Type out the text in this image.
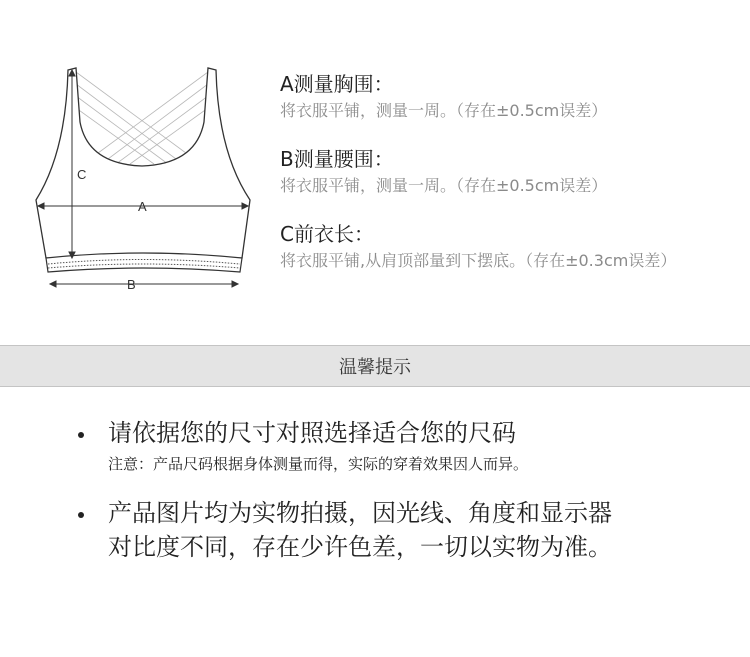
A
C
B
A测量胸围：
将衣服平铺，测量一周。（存在±0.5cm误差）
B测量腰围：
将衣服平铺，测量一周。（存在±0.5cm误差）
C前衣长：
将衣服平铺,从肩顶部量到下摆底。（存在±0.3cm误差）
温馨提示
请依据您的尺寸对照选择适合您的尺码
注意：产品尺码根据身体测量而得，实际的穿着效果因人而异。
产品图片均为实物拍摄，因光线、角度和显示器
对比度不同，存在少许色差，一切以实物为准。
